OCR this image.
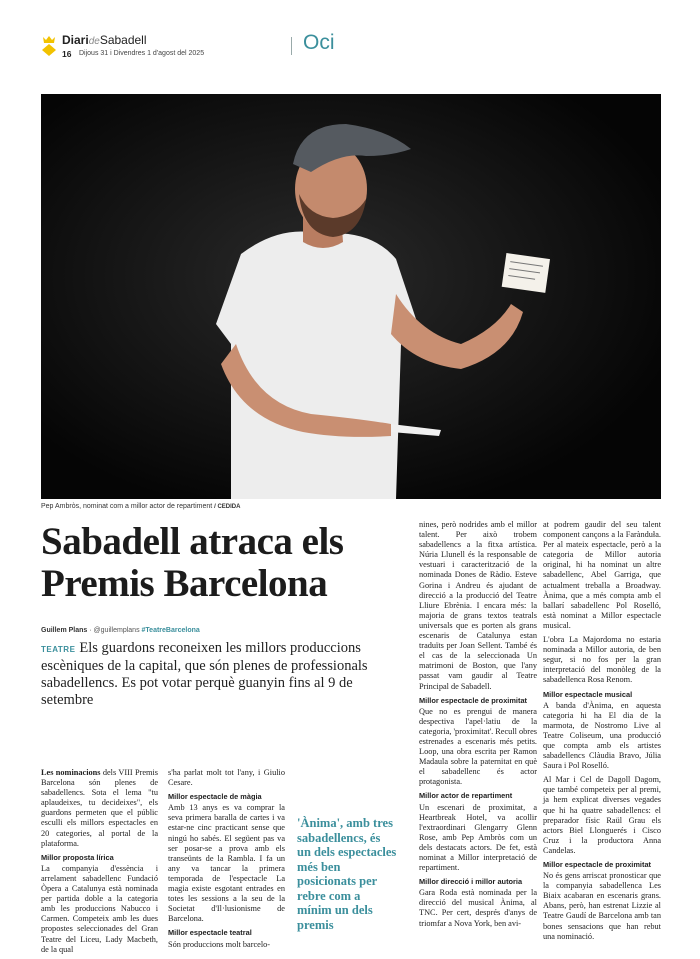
DiarideSabadell
16 Dijous 31 i Divendres 1 d'agost del 2025	Oci
Pep Ambròs, nominat com a millor actor de repartiment / CEDIDA
Sabadell atraca els Premis Barcelona
Guillem Plans · @guillemplans #TeatreBarcelona
TEATRE Els guardons reconeixen les millors produccions escèniques de la capital, que són plenes de professionals sabadellencs. Es pot votar perquè guanyin fins al 9 de setembre

Les nominacions dels VIII Premis Barcelona són plenes de sabadellencs. Sota el lema "tu aplaudeixes, tu decideixes", els guardons permeten que el públic esculli els millors espectacles en 20 categories, al portal de la plataforma.

Millor proposta lírica

La companyia d'essència i arrelament sabadellenc Fundació Òpera a Catalunya està nominada per partida doble a la categoria amb les produccions Nabucco i Carmen. Competeix amb les dues propostes seleccionades del Gran Teatre del Liceu, Lady Macbeth, de la qual

s'ha parlat molt tot l'any, i Giulio Cesare.

Millor espectacle de màgia

Amb 13 anys es va comprar la seva primera baralla de cartes i va estar-ne cinc practicant sense que ningú ho sabés. El següent pas va ser posar-se a prova amb els transeünts de la Rambla. I fa un any va tancar la primera temporada de l'espectacle La magia existe esgotant entrades en totes les sessions a la seu de la Societat d'Il·lusionisme de Barcelona.

Millor espectacle teatral

Són produccions molt barcelo-

'Ànima', amb tres sabadellencs, és un dels espectacles més ben posicionats per rebre com a mínim un dels premis

nines, però nodrides amb el millor talent. Per això trobem sabadellencs a la fitxa artística. Núria Llunell és la responsable de vestuari i caracterització de la nominada Dones de Ràdio. Esteve Gorina i Andreu és ajudant de direcció a la producció del Teatre Lliure Ebrènia. I encara més: la majoria de grans textos teatrals universals que es porten als grans escenaris de Catalunya estan traduïts per Joan Sellent. També és el cas de la seleccionada Un matrimoni de Boston, que l'any passat vam gaudir al Teatre Principal de Sabadell.

Millor espectacle de proximitat

Que no es prengui de manera despectiva l'apel·latiu de la categoria, 'proximitat'. Recull obres estrenades a escenaris més petits. Loop, una obra escrita per Ramon Madaula sobre la paternitat en què el sabadellenc és actor protagonista.

Millor actor de repartiment

Un escenari de proximitat, a Heartbreak Hotel, va acollir l'extraordinari Glengarry Glenn Rose, amb Pep Ambròs com un dels destacats actors. De fet, està nominat a Millor interpretació de repartiment.

Millor direcció i millor autoria

Gara Roda està nominada per la direcció del musical Ànima, al TNC. Per cert, després d'anys de triomfar a Nova York, ben avi-

at podrem gaudir del seu talent component cançons a la Farànduła. Per al mateix espectacle, però a la categoria de Millor autoria original, hi ha nominat un altre sabadellenc, Abel Garriga, que actualment treballa a Broadway. Ànima, que a més compta amb el ballarí sabadellenc Pol Roselló, està nominat a Millor espectacle musical.

L'obra La Majordoma no estaria nominada a Millor autoria, de ben segur, si no fos per la gran interpretació del monòleg de la sabadellenca Rosa Renom.

Millor espectacle musical

A banda d'Ànima, en aquesta categoria hi ha El dia de la marmota, de Nostromo Live al Teatre Coliseum, una producció que compta amb els artistes sabadellencs Clàudia Bravo, Júlia Saura i Pol Roselló.

Al Mar i Cel de Dagoll Dagom, que també competeix per al premi, ja hem explicat diverses vegades que hi ha quatre sabadellencs: el preparador físic Raül Grau els actors Biel Llonguerés i Cisco Cruz i la productora Anna Candelas.

Millor espectacle de proximitat

No és gens arriscat pronosticar que la companyia sabadellenca Les Biaix acabaran en escenaris grans. Abans, però, han estrenat Lizzie al Teatre Gaudí de Barcelona amb tan bones sensacions que han rebut una nominació.
